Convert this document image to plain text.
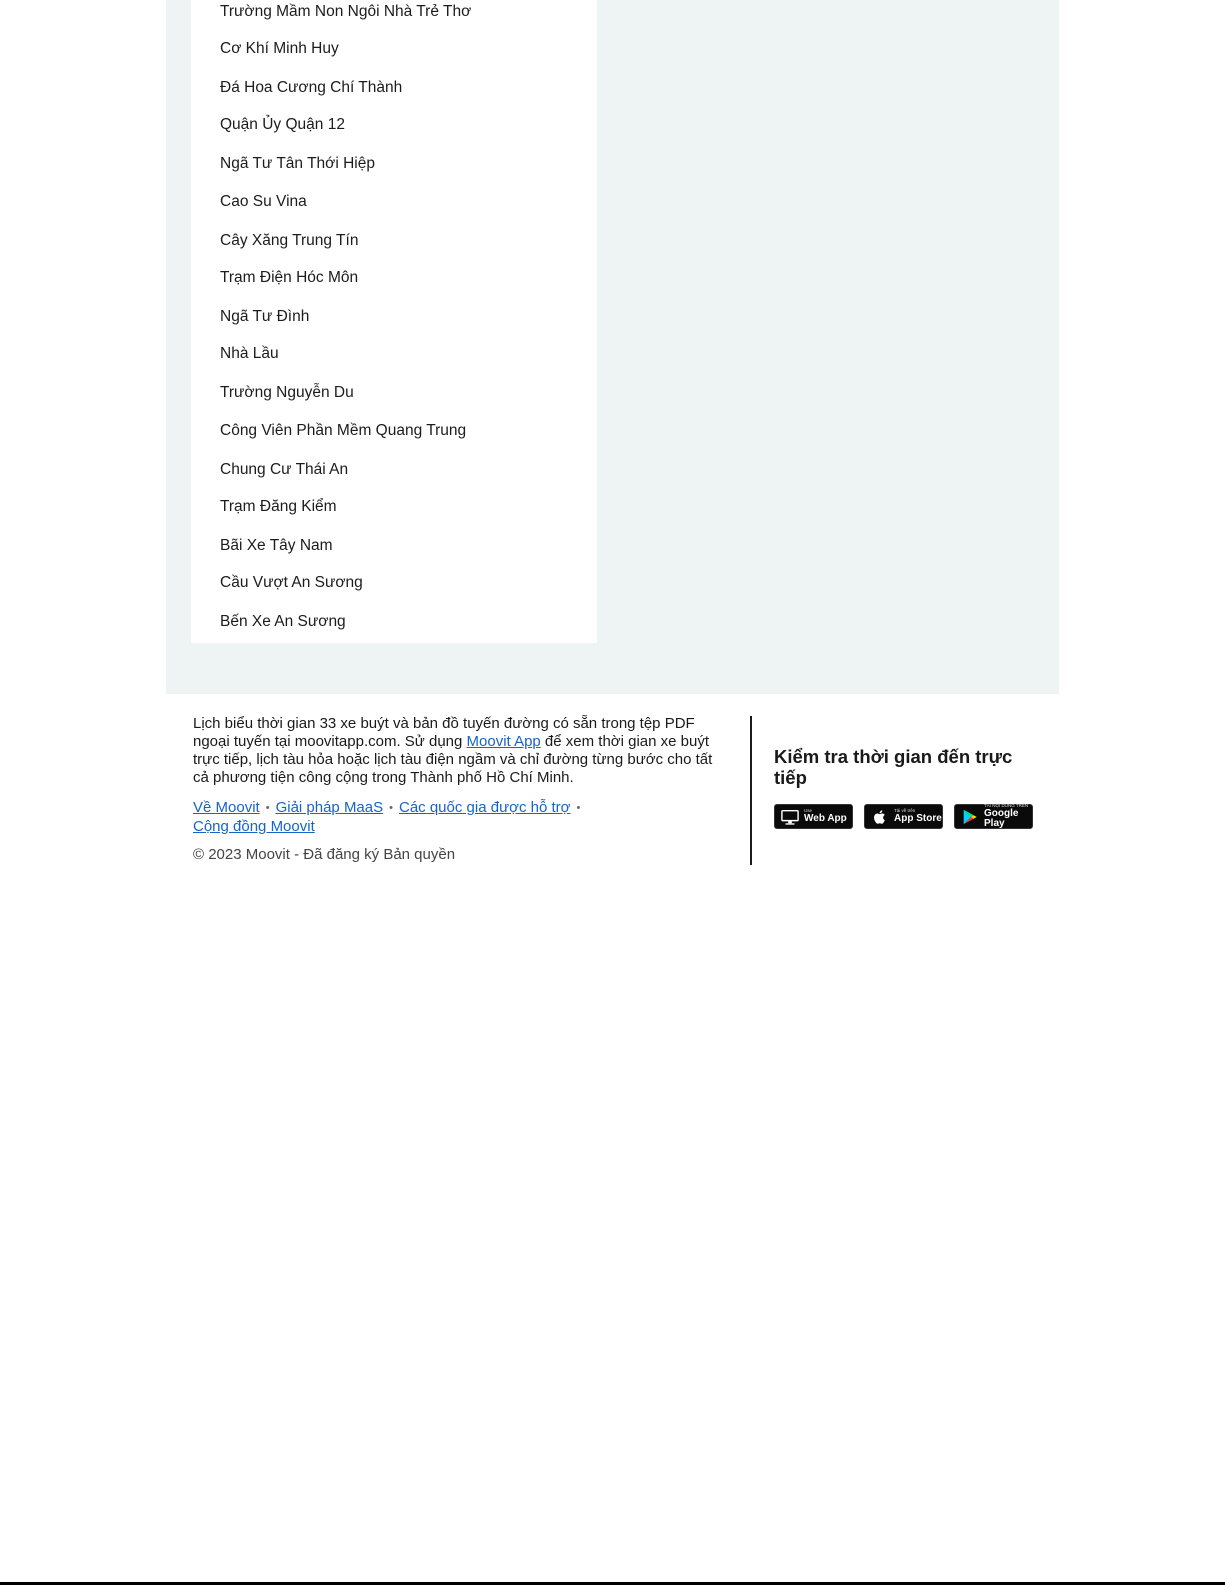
Trường Mầm Non Ngôi Nhà Trẻ Thơ
Cơ Khí Minh Huy
Đá Hoa Cương Chí Thành
Quận Ủy Quận 12
Ngã Tư Tân Thới Hiệp
Cao Su Vina
Cây Xăng Trung Tín
Trạm Điện Hóc Môn
Ngã Tư Đình
Nhà Lầu
Trường Nguyễn Du
Công Viên Phần Mềm Quang Trung
Chung Cư Thái An
Trạm Đăng Kiểm
Bãi Xe Tây Nam
Cầu Vượt An Sương
Bến Xe An Sương

Lịch biểu thời gian 33 xe buýt và bản đồ tuyến đường có sẵn trong tệp PDF ngoại tuyến tại moovitapp.com. Sử dụng Moovit App để xem thời gian xe buýt trực tiếp, lịch tàu hỏa hoặc lịch tàu điện ngầm và chỉ đường từng bước cho tất cả phương tiện công cộng trong Thành phố Hồ Chí Minh.

Về Moovit • Giải pháp MaaS • Các quốc gia được hỗ trợ •
Cộng đồng Moovit
© 2023 Moovit - Đã đăng ký Bản quyền
Kiểm tra thời gian đến trực tiếp
Use
Web App
Tải về trên
App Store
TẢI NỘI DUNG TRÊN
Google Play
